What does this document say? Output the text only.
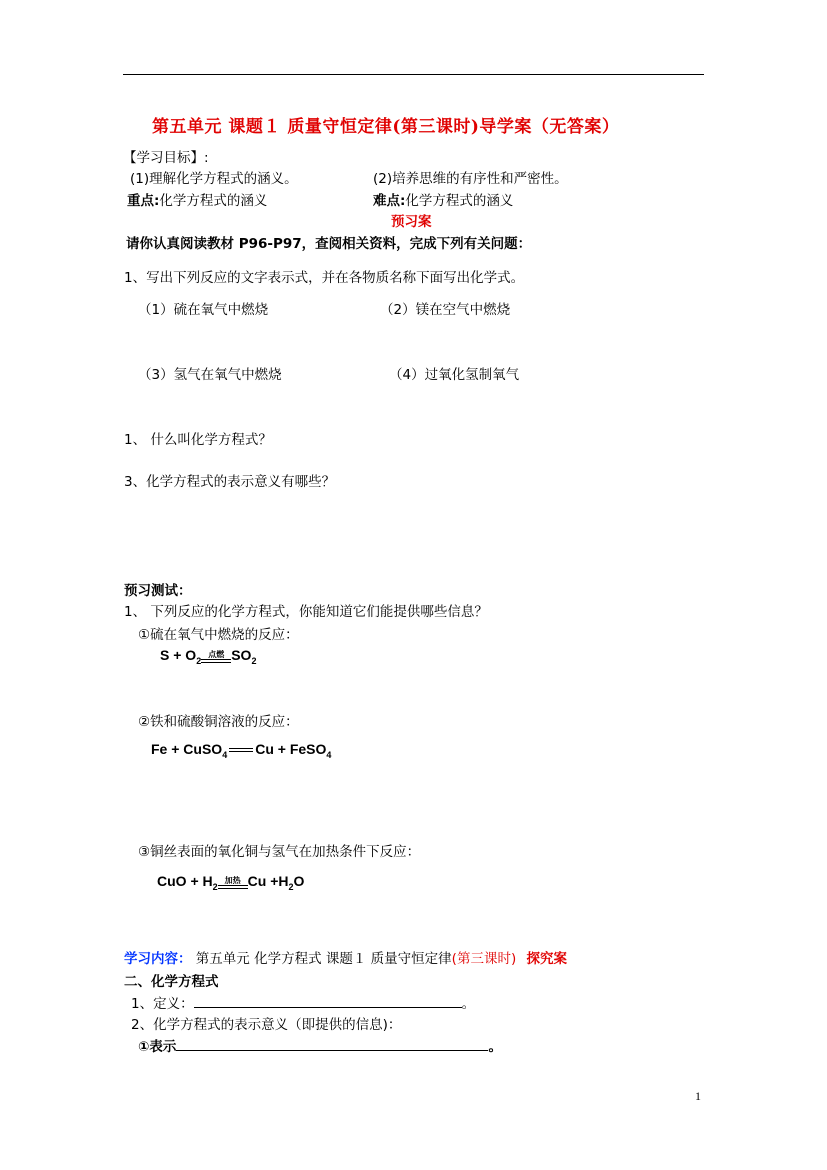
第五单元 课题１ 质量守恒定律(第三课时)导学案（无答案）
【学习目标】:
(1)理解化学方程式的涵义。	(2)培养思维的有序性和严密性。
重点:化学方程式的涵义	难点:化学方程式的涵义
预习案
请你认真阅读教材 P96-P97，查阅相关资料，完成下列有关问题：
1、写出下列反应的文字表示式，并在各物质名称下面写出化学式。
（1）硫在氧气中燃烧	（2）镁在空气中燃烧
（3）氢气在氧气中燃烧	（4）过氧化氢制氧气
1、 什么叫化学方程式？
3、化学方程式的表示意义有哪些？
预习测试：
1、 下列反应的化学方程式，你能知道它们能提供哪些信息？
①硫在氧气中燃烧的反应：
$S + O_2$
点燃 $SO_2$
②铁和硫酸铜溶液的反应：
Fe + CuSO$_4$ Cu + FeSO$_4$
③铜丝表面的氧化铜与氢气在加热条件下反应：
CuO + $H_2$
加热 $Cu +H_2O$
学习内容： 第五单元 化学方程式 课题１ 质量守恒定律(第三课时) 探究案
二、化学方程式
1、定义：	。
2、化学方程式的表示意义（即提供的信息)：
①表示	。
1
